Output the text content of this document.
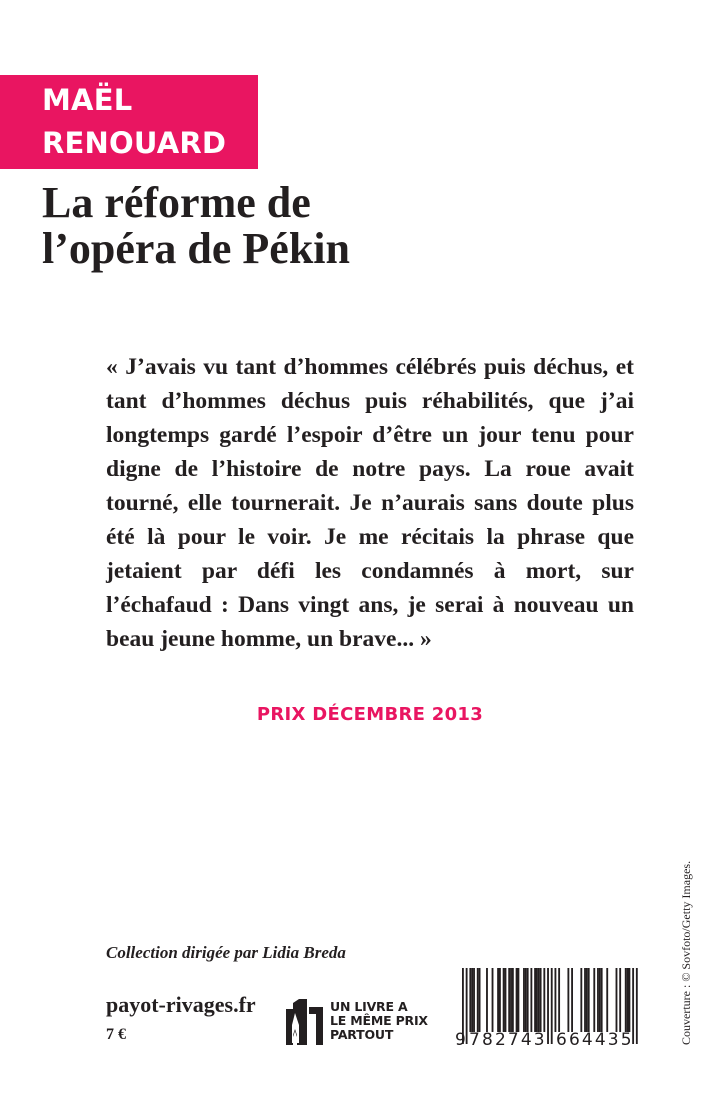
MAËL
RENOUARD
La réforme de
l’opéra de Pékin

« J’avais vu tant d’hommes célébrés puis déchus, et
tant d’hommes déchus puis réhabilités, que j’ai
longtemps gardé l’espoir d’être un jour tenu pour
digne de l’histoire de notre pays. La roue avait
tourné, elle tournerait. Je n’aurais sans doute plus
été là pour le voir. Je me récitais la phrase que
jetaient par défi les condamnés à mort, sur
l’échafaud : Dans vingt ans, je serai à nouveau un
beau jeune homme, un brave... »

PRIX DÉCEMBRE 2013
Collection dirigée par Lidia Breda
payot-rivages.fr
7 €
UN LIVRE A
LE MÊME PRIX
PARTOUT	9 7 8 2 7 4 3 6 6 4 4 3 5	Couverture : © Sovfoto/Getty Images.
